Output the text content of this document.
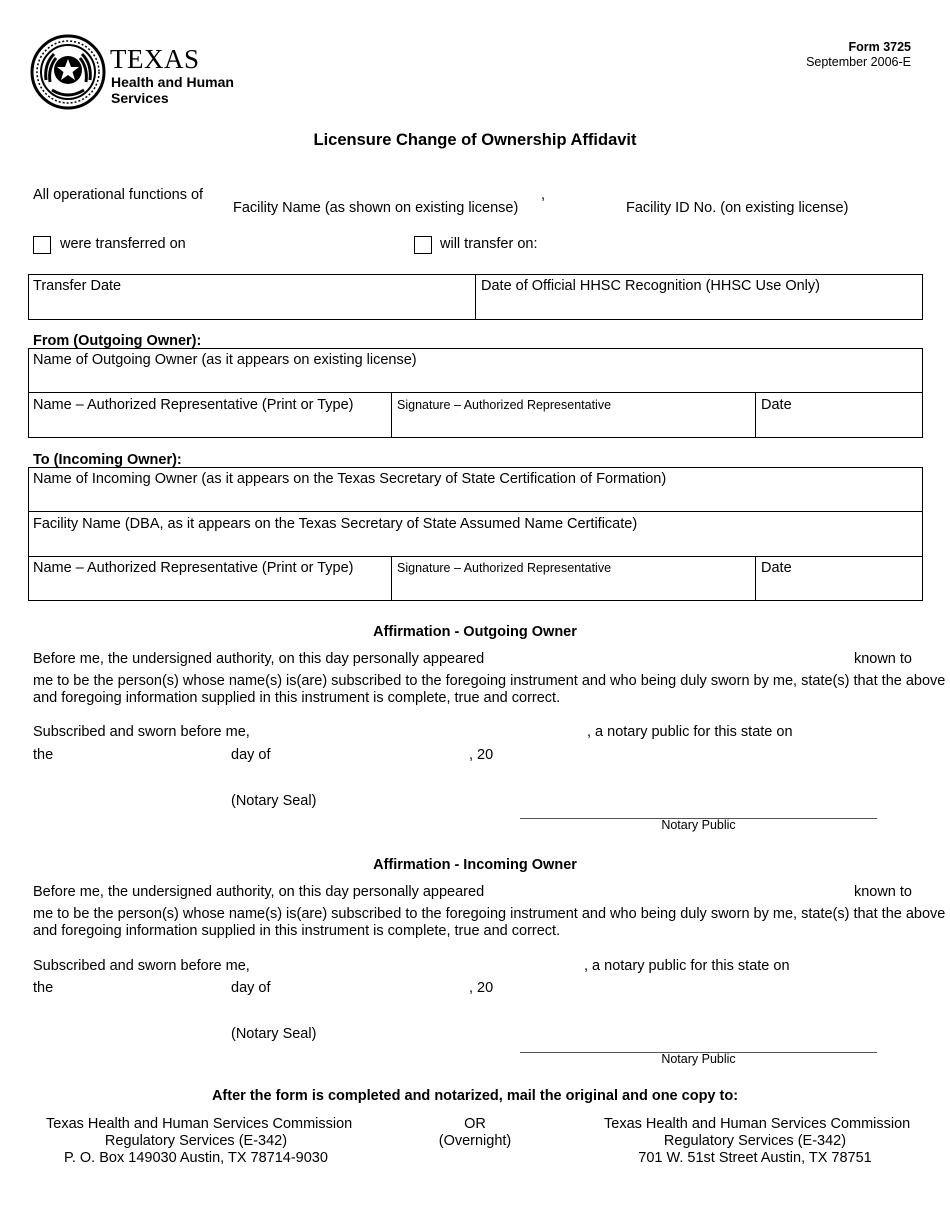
TEXAS
Health and Human
Services
Form 3725
September 2006-E
Licensure Change of Ownership Affidavit
All operational functions of
Facility Name (as shown on existing license)
,
Facility ID No. (on existing license)
were transferred on	will transfer on:
Transfer Date	Date of Official HHSC Recognition (HHSC Use Only)
From (Outgoing Owner):
Name of Outgoing Owner (as it appears on existing license)
Name – Authorized Representative (Print or Type)	Signature – Authorized Representative	Date
To (Incoming Owner):
Name of Incoming Owner (as it appears on the Texas Secretary of State Certification of Formation)
Facility Name (DBA, as it appears on the Texas Secretary of State Assumed Name Certificate)
Name – Authorized Representative (Print or Type)	Signature – Authorized Representative	Date
Affirmation - Outgoing Owner
Before me, the undersigned authority, on this day personally appeared	known to
me to be the person(s) whose name(s) is(are) subscribed to the foregoing instrument and who being duly sworn by me, state(s) that the above
and foregoing information supplied in this instrument is complete, true and correct.
Subscribed and sworn before me,	, a notary public for this state on
the	day of	, 20
(Notary Seal)
Notary Public
Affirmation - Incoming Owner
Before me, the undersigned authority, on this day personally appeared	known to
me to be the person(s) whose name(s) is(are) subscribed to the foregoing instrument and who being duly sworn by me, state(s) that the above
and foregoing information supplied in this instrument is complete, true and correct.
Subscribed and sworn before me,	, a notary public for this state on
the	day of	, 20
(Notary Seal)
Notary Public
After the form is completed and notarized, mail the original and one copy to:
Texas Health and Human Services Commission
Regulatory Services (E-342)
P. O. Box 149030 Austin, TX 78714-9030
OR
(Overnight)
Texas Health and Human Services Commission
Regulatory Services (E-342)
701 W. 51st Street Austin, TX 78751
